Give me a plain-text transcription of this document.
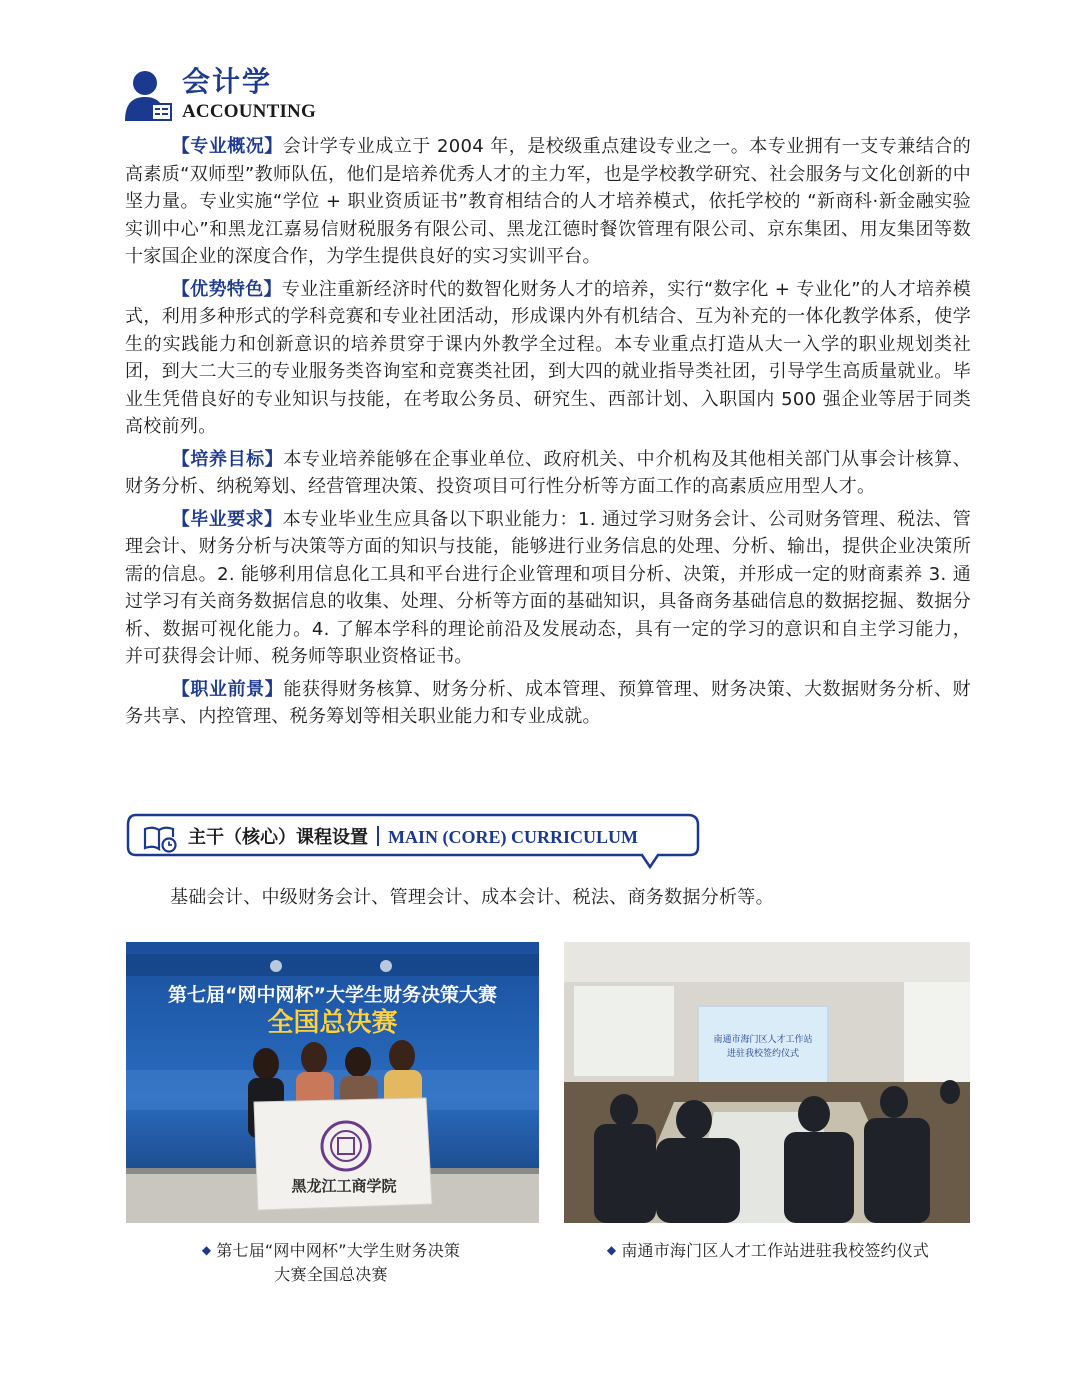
会计学
ACCOUNTING

【专业概况】会计学专业成立于 2004 年，是校级重点建设专业之一。本专业拥有一支专兼结合的高素质“双师型”教师队伍，他们是培养优秀人才的主力军，也是学校教学研究、社会服务与文化创新的中坚力量。专业实施“学位 + 职业资质证书”教育相结合的人才培养模式，依托学校的 “新商科·新金融实验实训中心”和黑龙江嘉易信财税服务有限公司、黑龙江德时餐饮管理有限公司、京东集团、用友集团等数十家国企业的深度合作，为学生提供良好的实习实训平台。

【优势特色】专业注重新经济时代的数智化财务人才的培养，实行“数字化 + 专业化”的人才培养模式，利用多种形式的学科竞赛和专业社团活动，形成课内外有机结合、互为补充的一体化教学体系，使学生的实践能力和创新意识的培养贯穿于课内外教学全过程。本专业重点打造从大一入学的职业规划类社团，到大二大三的专业服务类咨询室和竞赛类社团，到大四的就业指导类社团，引导学生高质量就业。毕业生凭借良好的专业知识与技能，在考取公务员、研究生、西部计划、入职国内 500 强企业等居于同类高校前列。

【培养目标】本专业培养能够在企事业单位、政府机关、中介机构及其他相关部门从事会计核算、财务分析、纳税筹划、经营管理决策、投资项目可行性分析等方面工作的高素质应用型人才。

【毕业要求】本专业毕业生应具备以下职业能力：1. 通过学习财务会计、公司财务管理、税法、管理会计、财务分析与决策等方面的知识与技能，能够进行业务信息的处理、分析、输出，提供企业决策所需的信息。2. 能够利用信息化工具和平台进行企业管理和项目分析、决策，并形成一定的财商素养 3. 通过学习有关商务数据信息的收集、处理、分析等方面的基础知识，具备商务基础信息的数据挖掘、数据分析、数据可视化能力。4. 了解本学科的理论前沿及发展动态，具有一定的学习的意识和自主学习能力，并可获得会计师、税务师等职业资格证书。

【职业前景】能获得财务核算、财务分析、成本管理、预算管理、财务决策、大数据财务分析、财务共享、内控管理、税务筹划等相关职业能力和专业成就。

主干（核心）课程设置 MAIN (CORE) CURRICULUM
基础会计、中级财务会计、管理会计、成本会计、税法、商务数据分析等。
第七届“网中网杯”大学生财务决策大赛
全国总决赛
黑龙江工商学院
南通市海门区人才工作站
进驻我校签约仪式
◆ 第七届“网中网杯”大学生财务决策
大赛全国总决赛
◆ 南通市海门区人才工作站进驻我校签约仪式
